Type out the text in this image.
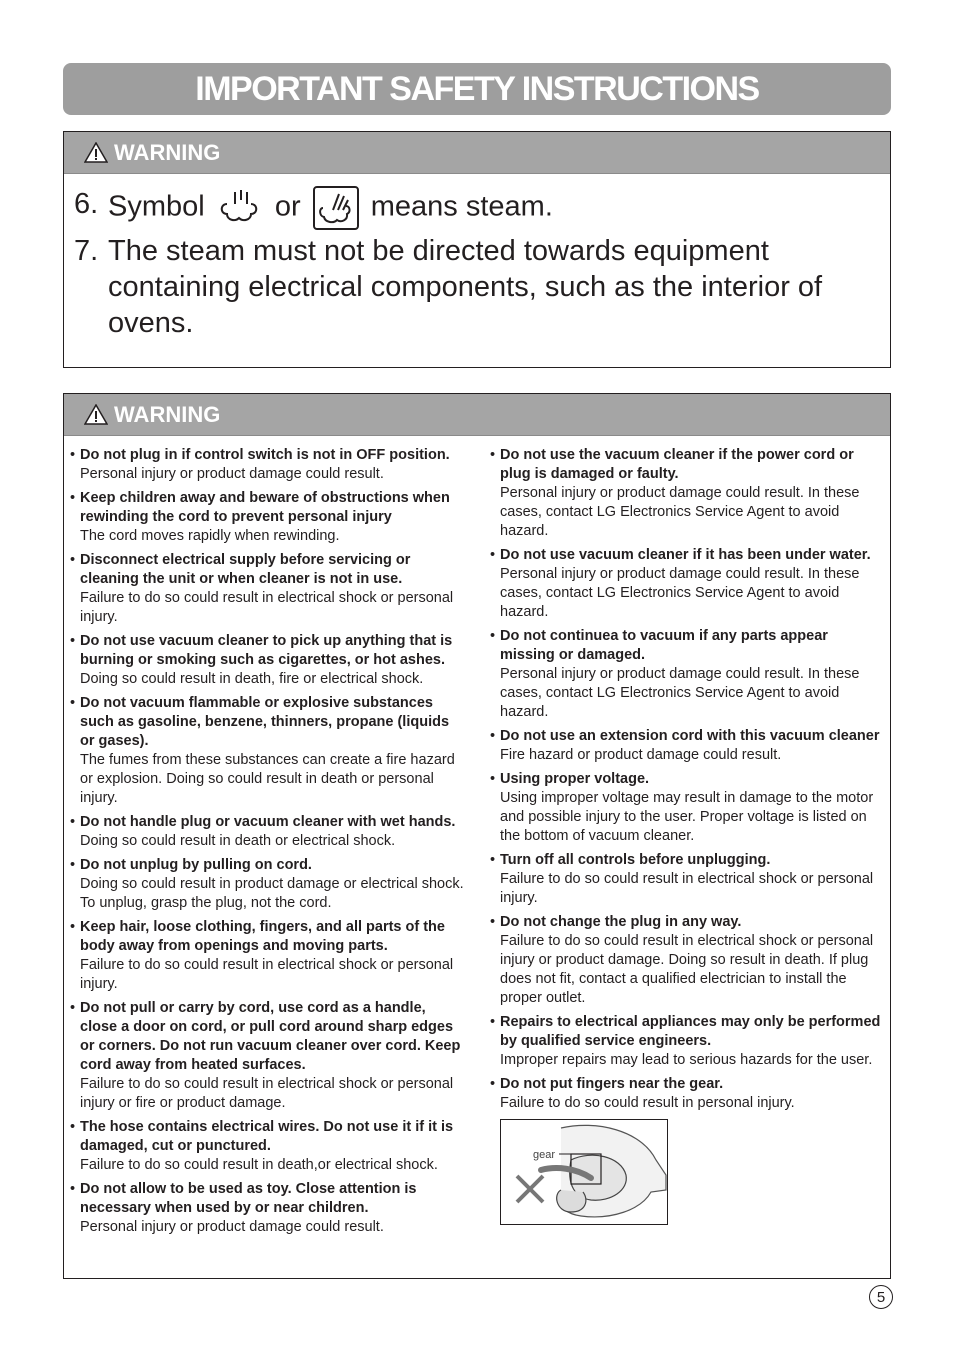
IMPORTANT SAFETY INSTRUCTIONS
WARNING
6. Symbol or means steam.
7. The steam must not be directed towards equipment containing electrical components, such as the interior of ovens.
WARNING
• Do not plug in if control switch is not in OFF position.
Personal injury or product damage could result.
• Keep children away and beware of obstructions when rewinding the cord to prevent personal injury
The cord moves rapidly when rewinding.
• Disconnect electrical supply before servicing or cleaning the unit or when cleaner is not in use.
Failure to do so could result in electrical shock or personal injury.
• Do not use vacuum cleaner to pick up anything that is burning or smoking such as cigarettes, or hot ashes.
Doing so could result in death, fire or electrical shock.
• Do not vacuum flammable or explosive substances such as gasoline, benzene, thinners, propane (liquids or gases).
The fumes from these substances can create a fire hazard or explosion. Doing so could result in death or personal injury.
• Do not handle plug or vacuum cleaner with wet hands.
Doing so could result in death or electrical shock.
• Do not unplug by pulling on cord.
Doing so could result in product damage or electrical shock. To unplug, grasp the plug, not the cord.
• Keep hair, loose clothing, fingers, and all parts of the body away from openings and moving parts.
Failure to do so could result in electrical shock or personal injury.
• Do not pull or carry by cord, use cord as a handle, close a door on cord, or pull cord around sharp edges or corners. Do not run vacuum cleaner over cord. Keep cord away from heated surfaces.
Failure to do so could result in electrical shock or personal injury or fire or product damage.
• The hose contains electrical wires. Do not use it if it is damaged, cut or punctured.
Failure to do so could result in death,or electrical shock.
• Do not allow to be used as toy. Close attention is necessary when used by or near children.
Personal injury or product damage could result.
• Do not use the vacuum cleaner if the power cord or plug is damaged or faulty.
Personal injury or product damage could result. In these cases, contact LG Electronics Service Agent to avoid hazard.
• Do not use vacuum cleaner if it has been under water.
Personal injury or product damage could result. In these cases, contact LG Electronics Service Agent to avoid hazard.
• Do not continuea to vacuum if any parts appear missing or damaged.
Personal injury or product damage could result. In these cases, contact LG Electronics Service Agent to avoid hazard.
• Do not use an extension cord with this vacuum cleaner
Fire hazard or product damage could result.
• Using proper voltage.
Using improper voltage may result in damage to the motor and possible injury to the user. Proper voltage is listed on the bottom of vacuum cleaner.
• Turn off all controls before unplugging.
Failure to do so could result in electrical shock or personal injury.
• Do not change the plug in any way.
Failure to do so could result in electrical shock or personal injury or product damage. Doing so result in death. If plug does not fit, contact a qualified electrician to install the proper outlet.
• Repairs to electrical appliances may only be performed by qualified service engineers.
Improper repairs may lead to serious hazards for the user.
• Do not put fingers near the gear.
Failure to do so could result in personal injury.
gear
5
